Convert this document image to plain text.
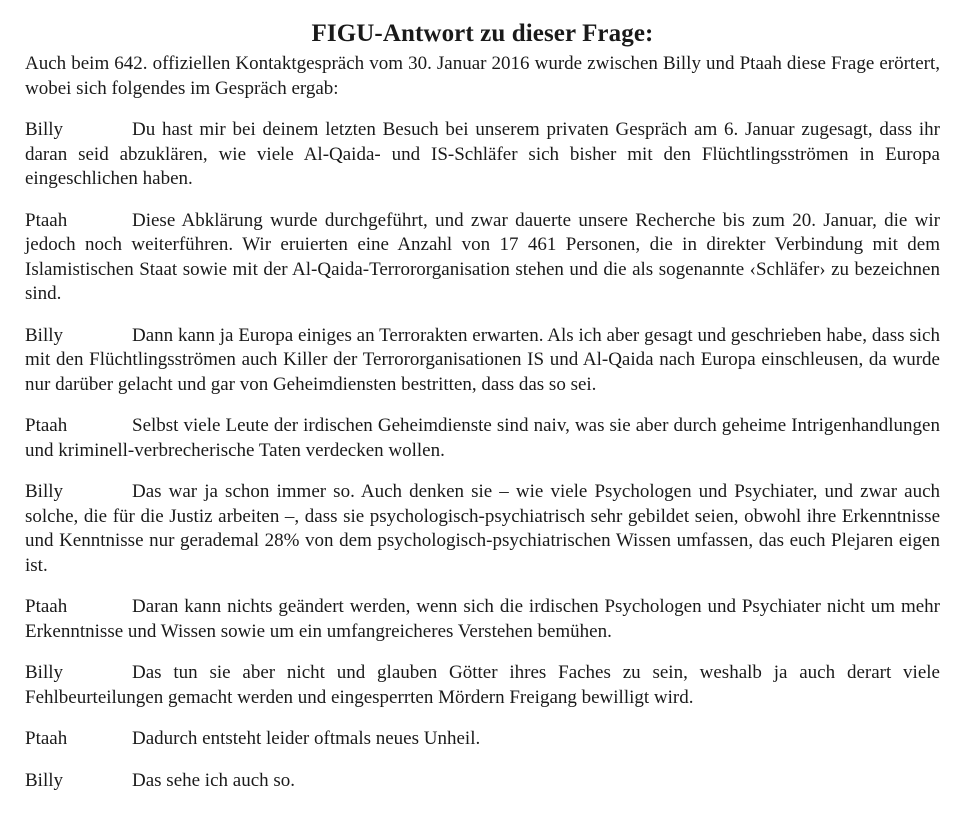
FIGU-Antwort zu dieser Frage:

Auch beim 642. offiziellen Kontaktgespräch vom 30. Januar 2016 wurde zwischen Billy und Ptaah diese Frage erörtert, wobei sich folgendes im Gespräch ergab:

Billy	Du hast mir bei deinem letzten Besuch bei unserem privaten Gespräch am 6. Januar zugesagt, dass ihr daran seid abzuklären, wie viele Al-Qaida- und IS-Schläfer sich bisher mit den Flüchtlingsströmen in Europa eingeschlichen haben.
Ptaah	Diese Abklärung wurde durchgeführt, und zwar dauerte unsere Recherche bis zum 20. Januar, die wir jedoch noch weiterführen. Wir eruierten eine Anzahl von 17 461 Personen, die in direkter Verbindung mit dem Islamistischen Staat sowie mit der Al-Qaida-Terrororganisation stehen und die als sogenannte ‹Schläfer› zu bezeichnen sind.
Billy	Dann kann ja Europa einiges an Terrorakten erwarten. Als ich aber gesagt und geschrieben habe, dass sich mit den Flüchtlingsströmen auch Killer der Terrororganisationen IS und Al-Qaida nach Europa einschleusen, da wurde nur darüber gelacht und gar von Geheimdiensten bestritten, dass das so sei.
Ptaah	Selbst viele Leute der irdischen Geheimdienste sind naiv, was sie aber durch geheime Intrigenhandlungen und kriminell-verbrecherische Taten verdecken wollen.
Billy	Das war ja schon immer so. Auch denken sie – wie viele Psychologen und Psychiater, und zwar auch solche, die für die Justiz arbeiten –, dass sie psychologisch-psychiatrisch sehr gebildet seien, obwohl ihre Erkenntnisse und Kenntnisse nur gerademal 28% von dem psychologisch-psychiatrischen Wissen umfassen, das euch Plejaren eigen ist.
Ptaah	Daran kann nichts geändert werden, wenn sich die irdischen Psychologen und Psychiater nicht um mehr Erkenntnisse und Wissen sowie um ein umfangreicheres Verstehen bemühen.
Billy	Das tun sie aber nicht und glauben Götter ihres Faches zu sein, weshalb ja auch derart viele Fehlbeurteilungen gemacht werden und eingesperrten Mördern Freigang bewilligt wird.
Ptaah	Dadurch entsteht leider oftmals neues Unheil.
Billy	Das sehe ich auch so.
